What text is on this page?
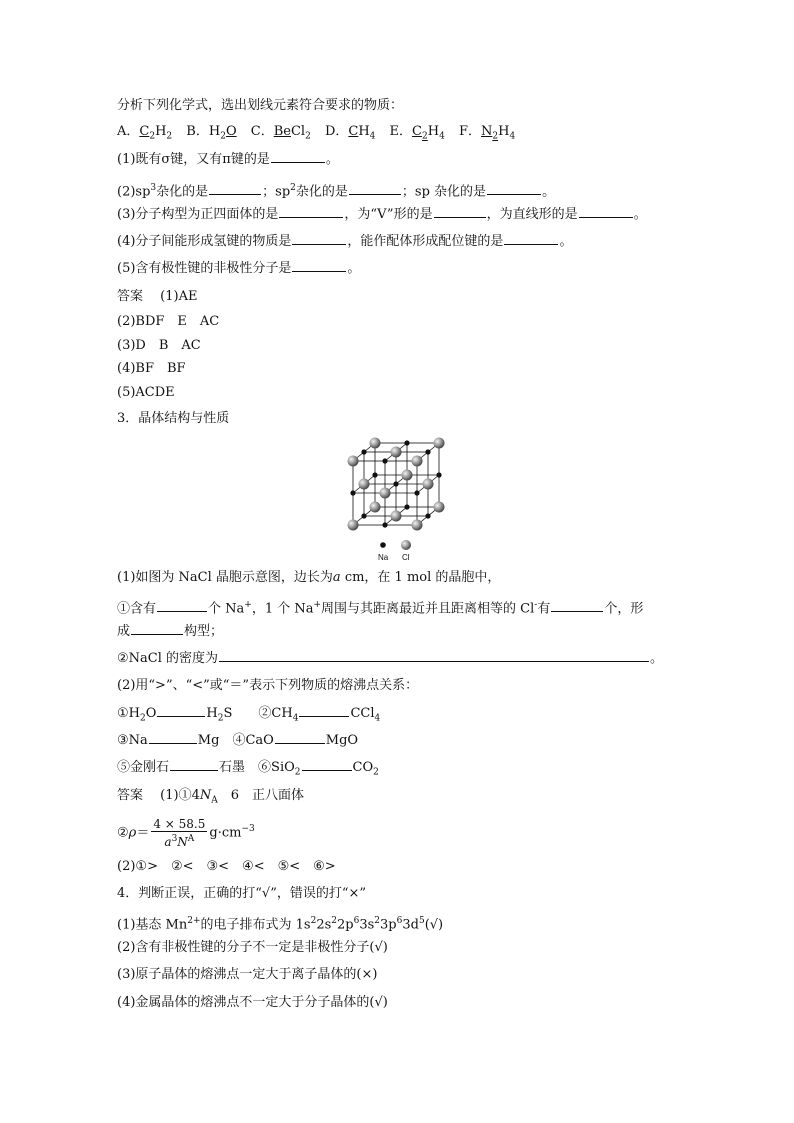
分析下列化学式，选出划线元素符合要求的物质：
A．$C_2H_2$ B．$H_2O$ C．BeCl$_2$ D．$CH_4$ E．$C_2H_4$ F．$N_2H_4$
(1)既有σ键，又有π键的是	。
$(2)sp^3$杂化的是	；$sp^2$杂化的是	；sp 杂化的是	。
(3)分子构型为正四面体的是	，为“V”形的是	，为直线形的是	。
(4)分子间能形成氢键的物质是	，能作配体形成配位键的是	。
(5)含有极性键的非极性分子是	。
答案　 (1)AE
(2)BDF　E　AC
(3)D　B　AC
(4)BF　BF
(5)ACDE
3．晶体结构与性质
Na Cl
(1)如图为 NaCl 晶胞示意图，边长为a cm，在 1 mol 的晶胞中，
①含有	个 Na+，1 个 Na+周围与其距离最近并且距离相等的 Cl-有	个，形
成	构型；
②NaCl 的密度为	。
(2)用“>”、“<”或“＝”表示下列物质的熔沸点关系：
$①H_2O$	$H_2S$　　 $②CH_4$	CCl$_4$
③Na	Mg　 ④CaO	MgO
⑤金刚石	石墨　 ⑥SiO$_2$	$CO_2$
答案　 $(1)①4N_A$　6　正八面体
②ρ＝ $\frac{4 \times 58.5}{a^3N^A} g\cdot cm^{-3}$
(2)①>　②<　③<　④<　⑤<　⑥>
4．判断正误，正确的打“√”，错误的打“×”
(1)基态 $Mn^{2+}$的电子排布式为 $1s^22s^22p^63s^23p^63d^5(√)$
(2)含有非极性键的分子不一定是非极性分子(√)
(3)原子晶体的熔沸点一定大于离子晶体的(×)
(4)金属晶体的熔沸点不一定大于分子晶体的(√)
